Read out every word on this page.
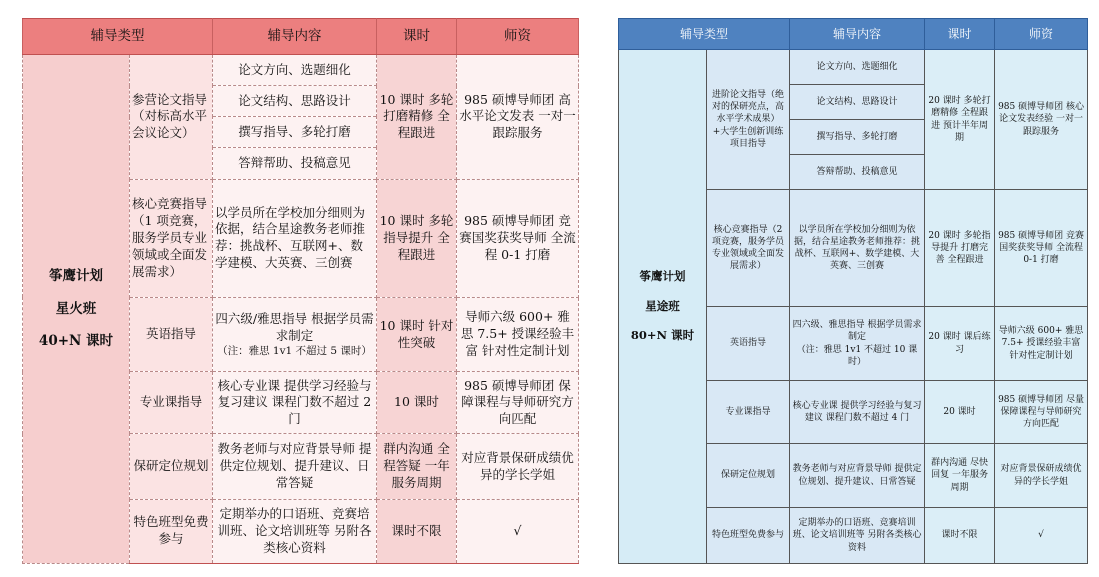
辅导类型		辅导内容	课时	师资

筝鹰计划
星火班
40+N 课时	参营论文指导（对标高水平会议论文）	论文方向、选题细化	10 课时 多轮打磨精修 全程跟进	985 硕博导师团 高水平论文发表 一对一跟踪服务
		论文结构、思路设计		
		撰写指导、多轮打磨		
		答辩帮助、投稿意见		
	核心竞赛指导（1 项竞赛，服务学员专业领域或全面发展需求）	以学员所在学校加分细则为依据，结合星途教务老师推荐：挑战杯、互联网+、数学建模、大英赛、三创赛	10 课时 多轮指导提升 全程跟进	985 硕博导师团 竞赛国奖获奖导师 全流程 0-1 打磨
	英语指导	四六级/雅思指导 根据学员需求制定
（注：雅思 1v1 不超过 5 课时）	10 课时 针对性突破	导师六级 600+ 雅思 7.5+ 授课经验丰富 针对性定制计划
	专业课指导	核心专业课 提供学习经验与复习建议 课程门数不超过 2 门	10 课时	985 硕博导师团 保障课程与导师研究方向匹配
	保研定位规划	教务老师与对应背景导师 提供定位规划、提升建议、日常答疑	群内沟通 全程答疑 一年服务周期	对应背景保研成绩优异的学长学姐
	特色班型免费参与	定期举办的口语班、竞赛培训班、论文培训班等 另附各类核心资料	课时不限	√
辅导类型		辅导内容	课时	师资

筝鹰计划
星途班
80+N 课时	进阶论文指导（绝对的保研亮点，高水平学术成果）+大学生创新训练项目指导	论文方向、选题细化	20 课时 多轮打磨精修 全程跟进 预计半年周期	985 硕博导师团 核心论文发表经验 一对一跟踪服务
		论文结构、思路设计		
		撰写指导、多轮打磨		
		答辩帮助、投稿意见		
	核心竞赛指导（2 项竞赛，服务学员专业领域或全面发展需求）	以学员所在学校加分细则为依据，结合星途教务老师推荐：挑战杯、互联网+、数学建模、大英赛、三创赛	20 课时 多轮指导提升 打磨完善 全程跟进	985 硕博导师团 竞赛国奖获奖导师 全流程 0-1 打磨
	英语指导	四六级、雅思指导 根据学员需求制定
（注：雅思 1v1 不超过 10 课时）	20 课时 课后练习	导师六级 600+ 雅思 7.5+ 授课经验丰富 针对性定制计划
	专业课指导	核心专业课 提供学习经验与复习建议 课程门数不超过 4 门	20 课时	985 硕博导师团 尽量保障课程与导师研究方向匹配
	保研定位规划	教务老师与对应背景导师 提供定位规划、提升建议、日常答疑	群内沟通 尽快回复 一年服务周期	对应背景保研成绩优异的学长学姐
	特色班型免费参与	定期举办的口语班、竞赛培训班、论文培训班等 另附各类核心资料	课时不限	√
